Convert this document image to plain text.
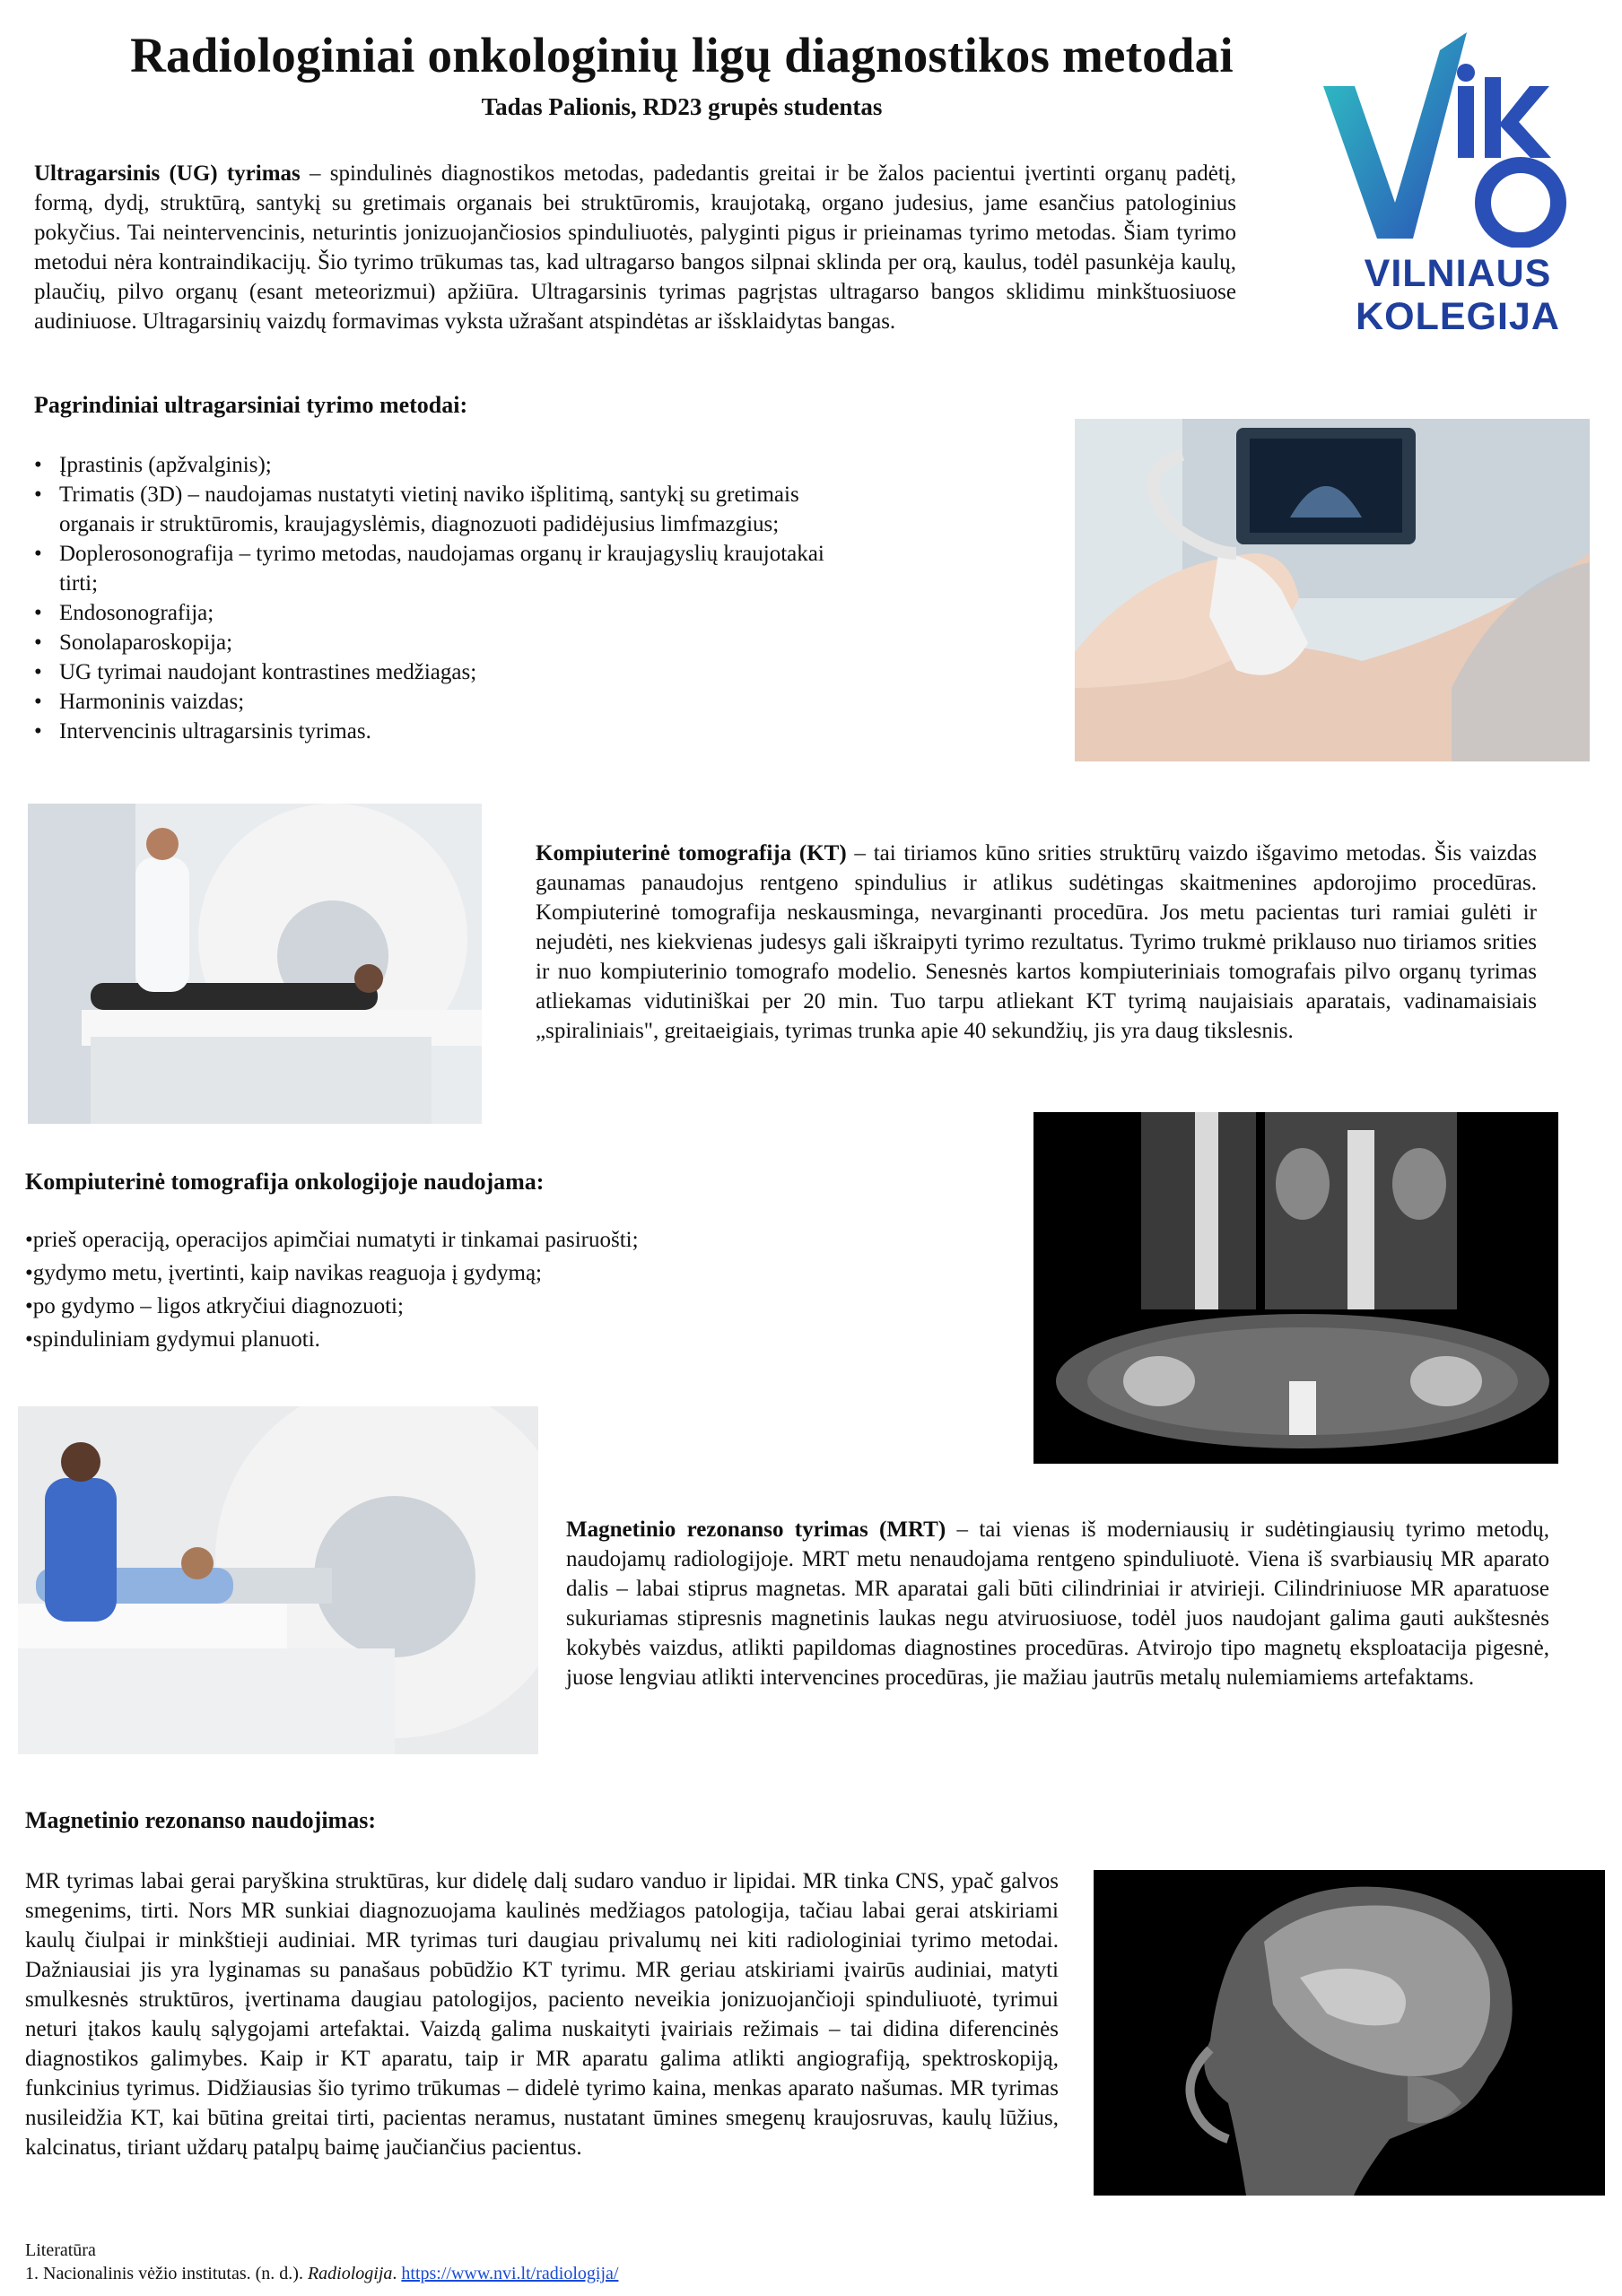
Radiologiniai onkologinių ligų diagnostikos metodai
Tadas Palionis, RD23 grupės studentas
VILNIAUS
KOLEGIJA

Ultragarsinis (UG) tyrimas – spindulinės diagnostikos metodas, padedantis greitai ir be žalos pacientui įvertinti organų padėtį, formą, dydį, struktūrą, santykį su gretimais organais bei struktūromis, kraujotaką, organo judesius, jame esančius patologinius pokyčius. Tai neintervencinis, neturintis jonizuojančiosios spinduliuotės, palyginti pigus ir prieinamas tyrimo metodas. Šiam tyrimo metodui nėra kontraindikacijų. Šio tyrimo trūkumas tas, kad ultragarso bangos silpnai sklinda per orą, kaulus, todėl pasunkėja kaulų, plaučių, pilvo organų (esant meteorizmui) apžiūra. Ultragarsinis tyrimas pagrįstas ultragarso bangos sklidimu minkštuosiuose audiniuose. Ultragarsinių vaizdų formavimas vyksta užrašant atspindėtas ar išsklaidytas bangas.

Pagrindiniai ultragarsiniai tyrimo metodai:
• Įprastinis (apžvalginis);
• Trimatis (3D) – naudojamas nustatyti vietinį naviko išplitimą, santykį su gretimais organais ir struktūromis, kraujagyslėmis, diagnozuoti padidėjusius limfmazgius;
• Doplerosonografija – tyrimo metodas, naudojamas organų ir kraujagyslių kraujotakai tirti;
• Endosonografija;
• Sonolaparoskopija;
• UG tyrimai naudojant kontrastines medžiagas;
• Harmoninis vaizdas;
• Intervencinis ultragarsinis tyrimas.

Kompiuterinė tomografija (KT) – tai tiriamos kūno srities struktūrų vaizdo išgavimo metodas. Šis vaizdas gaunamas panaudojus rentgeno spindulius ir atlikus sudėtingas skaitmenines apdorojimo procedūras. Kompiuterinė tomografija neskausminga, nevarginanti procedūra. Jos metu pacientas turi ramiai gulėti ir nejudėti, nes kiekvienas judesys gali iškraipyti tyrimo rezultatus. Tyrimo trukmė priklauso nuo tiriamos srities ir nuo kompiuterinio tomografo modelio. Senesnės kartos kompiuteriniais tomografais pilvo organų tyrimas atliekamas vidutiniškai per 20 min. Tuo tarpu atliekant KT tyrimą naujaisiais aparatais, vadinamaisiais „spiraliniais", greitaeigiais, tyrimas trunka apie 40 sekundžių, jis yra daug tikslesnis.

Kompiuterinė tomografija onkologijoje naudojama:
• prieš operaciją, operacijos apimčiai numatyti ir tinkamai pasiruošti;
• gydymo metu, įvertinti, kaip navikas reaguoja į gydymą;
• po gydymo – ligos atkryčiui diagnozuoti;
• spinduliniam gydymui planuoti.

Magnetinio rezonanso tyrimas (MRT) – tai vienas iš moderniausių ir sudėtingiausių tyrimo metodų, naudojamų radiologijoje. MRT metu nenaudojama rentgeno spinduliuotė. Viena iš svarbiausių MR aparato dalis – labai stiprus magnetas. MR aparatai gali būti cilindriniai ir atvirieji. Cilindriniuose MR aparatuose sukuriamas stipresnis magnetinis laukas negu atviruosiuose, todėl juos naudojant galima gauti aukštesnės kokybės vaizdus, atlikti papildomas diagnostines procedūras. Atvirojo tipo magnetų eksploatacija pigesnė, juose lengviau atlikti intervencines procedūras, jie mažiau jautrūs metalų nulemiamiems artefaktams.

Magnetinio rezonanso naudojimas:

MR tyrimas labai gerai paryškina struktūras, kur didelę dalį sudaro vanduo ir lipidai. MR tinka CNS, ypač galvos smegenims, tirti. Nors MR sunkiai diagnozuojama kaulinės medžiagos patologija, tačiau labai gerai atskiriami kaulų čiulpai ir minkštieji audiniai. MR tyrimas turi daugiau privalumų nei kiti radiologiniai tyrimo metodai. Dažniausiai jis yra lyginamas su panašaus pobūdžio KT tyrimu. MR geriau atskiriami įvairūs audiniai, matyti smulkesnės struktūros, įvertinama daugiau patologijos, paciento neveikia jonizuojančioji spinduliuotė, tyrimui neturi įtakos kaulų sąlygojami artefaktai. Vaizdą galima nuskaityti įvairiais režimais – tai didina diferencinės diagnostikos galimybes. Kaip ir KT aparatu, taip ir MR aparatu galima atlikti angiografiją, spektroskopiją, funkcinius tyrimus. Didžiausias šio tyrimo trūkumas – didelė tyrimo kaina, menkas aparato našumas. MR tyrimas nusileidžia KT, kai būtina greitai tirti, pacientas neramus, nustatant ūmines smegenų kraujosruvas, kaulų lūžius, kalcinatus, tiriant uždarų patalpų baimę jaučiančius pacientus.

Literatūra
1. Nacionalinis vėžio institutas. (n. d.). Radiologija. https://www.nvi.lt/radiologija/
